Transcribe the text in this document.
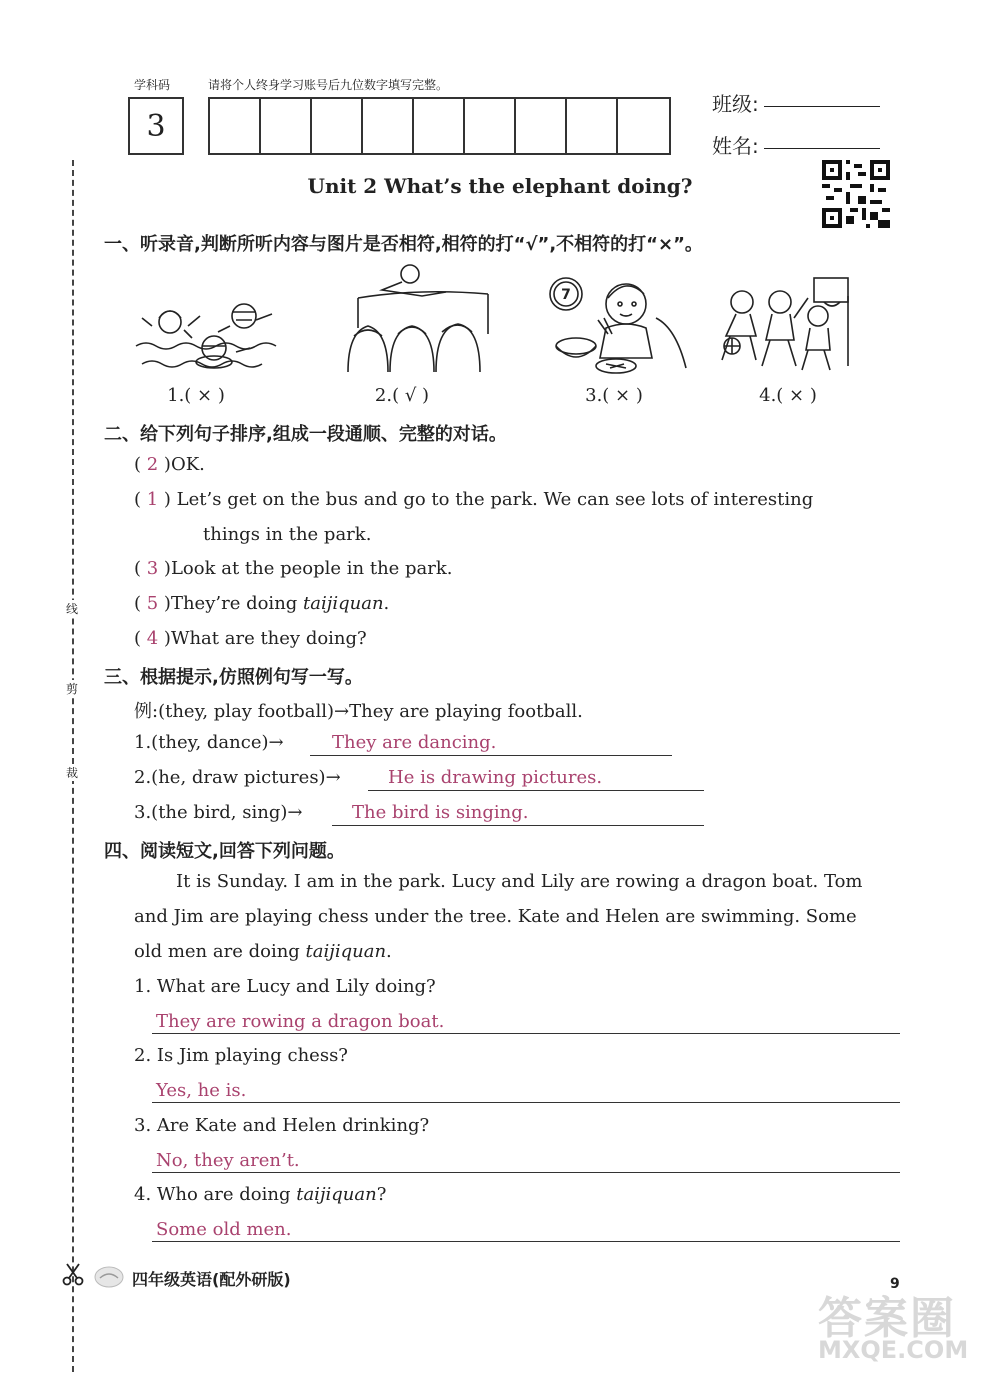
学科码	请将个人终身学习账号后九位数字填写完整。
3
班级:
姓名:
Unit 2 What’s the elephant doing?
一、听录音,判断所听内容与图片是否相符,相符的打“√”,不相符的打“×”。
7
1.( × )	2.( √ )	3.( × )	4.( × )
二、给下列句子排序,组成一段通顺、完整的对话。
( 2 )OK.
( 1 ) Let’s get on the bus and go to the park. We can see lots of interesting
things in the park.
( 3 )Look at the people in the park.
( 5 )They’re doing taijiquan.
( 4 )What are they doing?
三、根据提示,仿照例句写一写。
例:(they, play football)→They are playing football.
1.(they, dance)→	They are dancing.
2.(he, draw pictures)→	He is drawing pictures.
3.(the bird, sing)→	The bird is singing.
四、阅读短文,回答下列问题。
It is Sunday. I am in the park. Lucy and Lily are rowing a dragon boat. Tom
and Jim are playing chess under the tree. Kate and Helen are swimming. Some
old men are doing taijiquan.
1. What are Lucy and Lily doing?
They are rowing a dragon boat.
2. Is Jim playing chess?
Yes, he is.
3. Are Kate and Helen drinking?
No, they aren’t.
4. Who are doing taijiquan?
Some old men.
线
剪
裁
四年级英语(配外研版)	9
答案圈
MXQE.COM
